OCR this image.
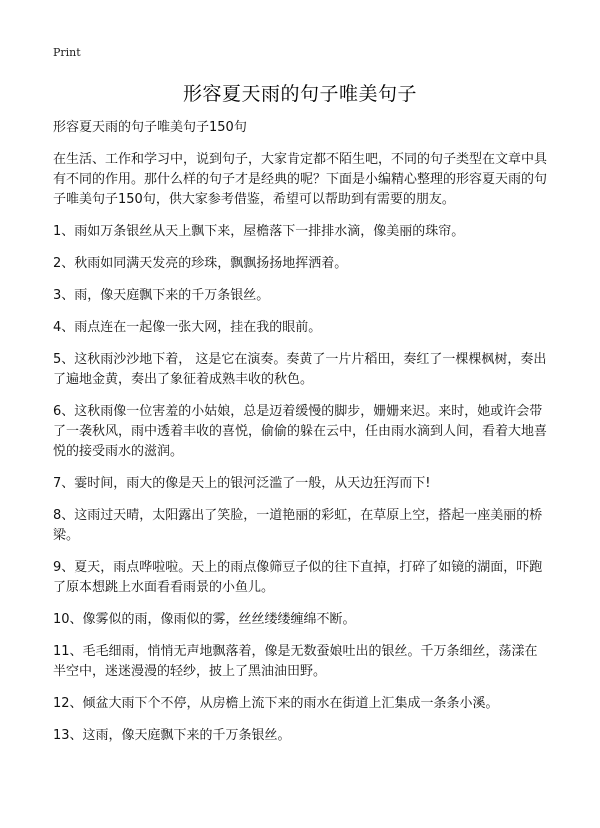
Print
形容夏天雨的句子唯美句子

形容夏天雨的句子唯美句子150句

在生活、工作和学习中，说到句子，大家肯定都不陌生吧，不同的句子类型在文章中具有不同的作用。那什么样的句子才是经典的呢？下面是小编精心整理的形容夏天雨的句子唯美句子150句，供大家参考借鉴，希望可以帮助到有需要的朋友。

1、雨如万条银丝从天上飘下来，屋檐落下一排排水滴，像美丽的珠帘。

2、秋雨如同满天发亮的珍珠，飘飘扬扬地挥洒着。

3、雨，像天庭飘下来的千万条银丝。

4、雨点连在一起像一张大网，挂在我的眼前。

5、这秋雨沙沙地下着， 这是它在演奏。奏黄了一片片稻田，奏红了一棵棵枫树，奏出了遍地金黄，奏出了象征着成熟丰收的秋色。

6、这秋雨像一位害羞的小姑娘，总是迈着缓慢的脚步，姗姗来迟。来时，她或许会带了一袭秋风，雨中透着丰收的喜悦，偷偷的躲在云中，任由雨水滴到人间，看着大地喜悦的接受雨水的滋润。

7、霎时间，雨大的像是天上的银河泛滥了一般，从天边狂泻而下!

8、这雨过天晴，太阳露出了笑脸，一道艳丽的彩虹，在草原上空，搭起一座美丽的桥梁。

9、夏天，雨点哗啦啦。天上的雨点像筛豆子似的往下直掉，打碎了如镜的湖面，吓跑了原本想跳上水面看看雨景的小鱼儿。

10、像雾似的雨，像雨似的雾，丝丝缕缕缠绵不断。

11、毛毛细雨，悄悄无声地飘落着，像是无数蚕娘吐出的银丝。千万条细丝，荡漾在半空中，迷迷漫漫的轻纱，披上了黑油油田野。

12、倾盆大雨下个不停，从房檐上流下来的雨水在街道上汇集成一条条小溪。

13、这雨，像天庭飘下来的千万条银丝。
